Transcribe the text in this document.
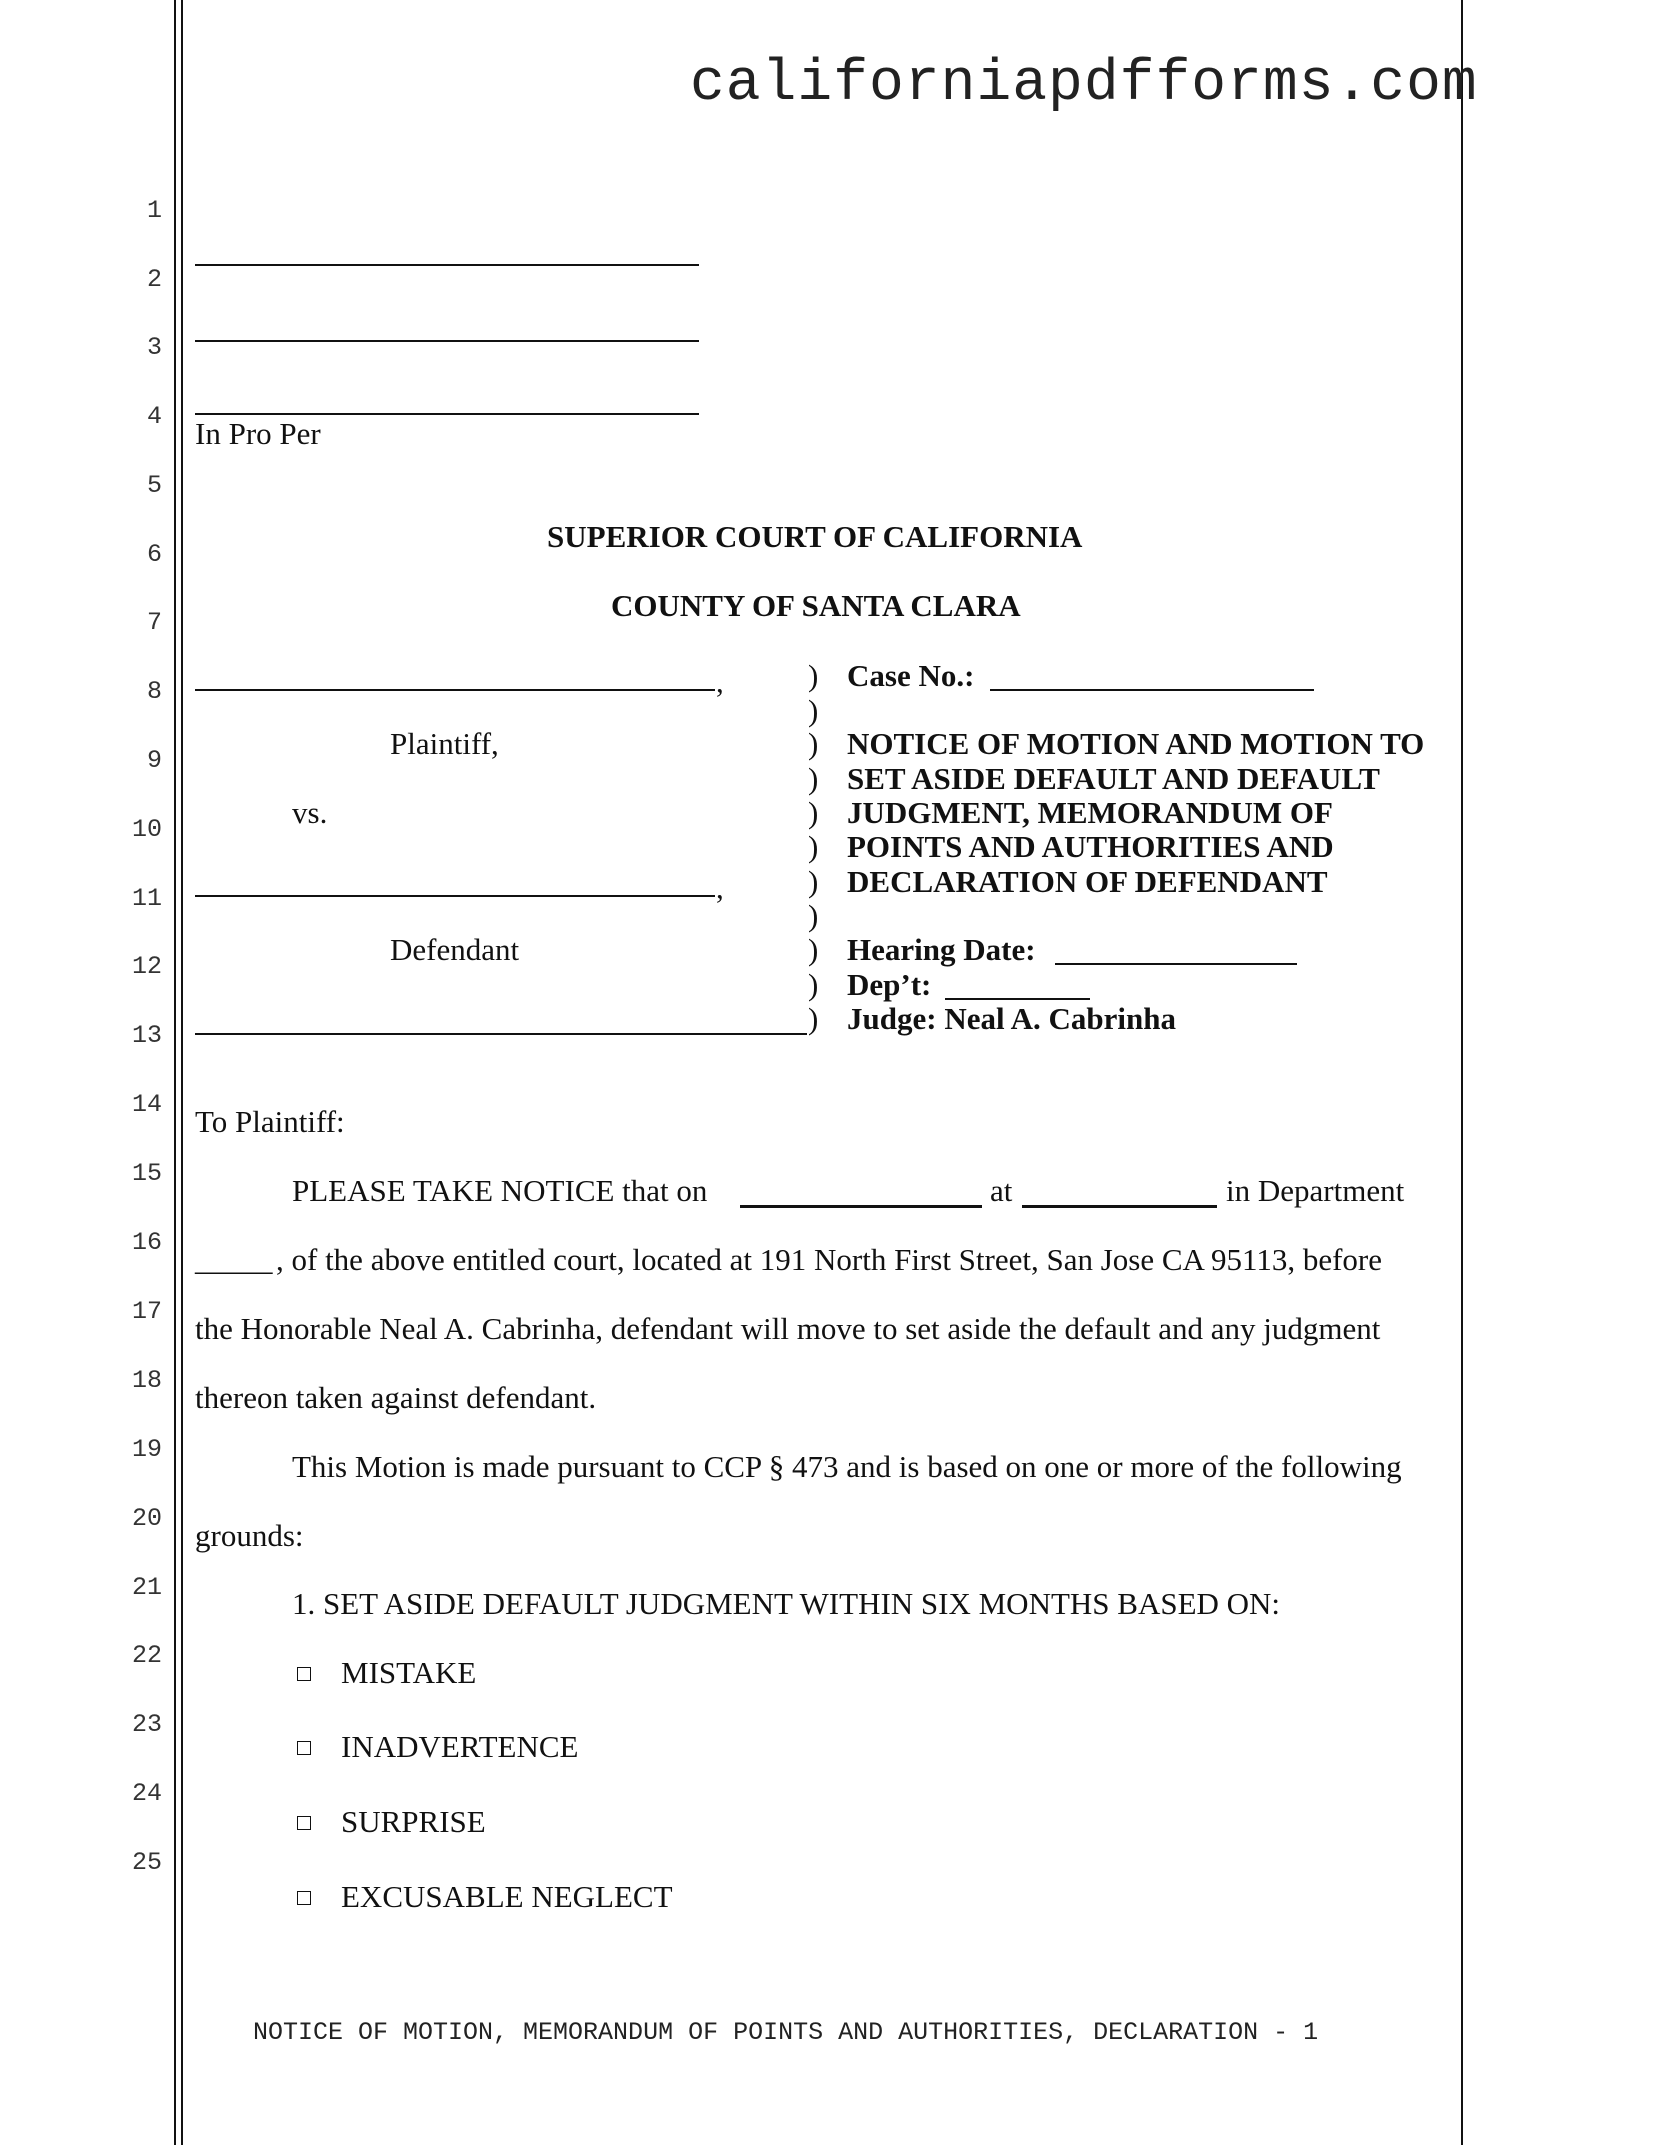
californiapdfforms.com
1
2
3
4
5
6
7
8
9
10
11
12
13
14
15
16
17
18
19
20
21
22
23
24
25
In Pro Per
SUPERIOR COURT OF CALIFORNIA
COUNTY OF SANTA CLARA
,
Plaintiff,
vs.
,
Defendant
)
)
)
)
)
)
)
)
)
)
)
Case No.:
NOTICE OF MOTION AND MOTION TO
SET ASIDE DEFAULT AND DEFAULT
JUDGMENT, MEMORANDUM OF
POINTS AND AUTHORITIES AND
DECLARATION OF DEFENDANT
Hearing Date:
Dep’t:
Judge: Neal A. Cabrinha
To Plaintiff:
PLEASE TAKE NOTICE that on	at	in Department
_____ , of the above entitled court, located at 191 North First Street, San Jose CA 95113, before
the Honorable Neal A. Cabrinha, defendant will move to set aside the default and any judgment
thereon taken against defendant.
This Motion is made pursuant to CCP § 473 and is based on one or more of the following
grounds:
1. SET ASIDE DEFAULT JUDGMENT WITHIN SIX MONTHS BASED ON:
MISTAKE
INADVERTENCE
SURPRISE
EXCUSABLE NEGLECT
NOTICE OF MOTION, MEMORANDUM OF POINTS AND AUTHORITIES, DECLARATION - 1
